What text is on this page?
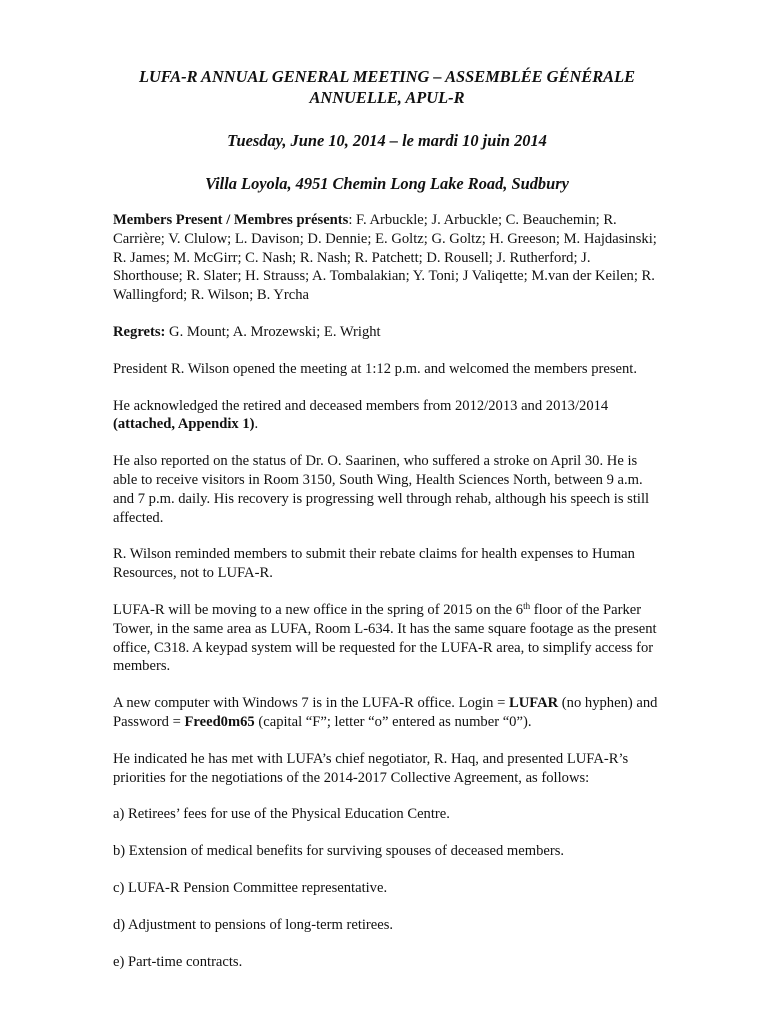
LUFA-R ANNUAL GENERAL MEETING – ASSEMBLÉE GÉNÉRALE

ANNUELLE, APUL-R

Tuesday, June 10, 2014 – le mardi 10 juin 2014

Villa Loyola, 4951 Chemin Long Lake Road, Sudbury

Members Present / Membres présents: F. Arbuckle; J. Arbuckle; C. Beauchemin; R. Carrière; V. Clulow; L. Davison; D. Dennie; E. Goltz; G. Goltz; H. Greeson; M. Hajdasinski; R. James; M. McGirr; C. Nash; R. Nash; R. Patchett; D. Rousell; J. Rutherford; J. Shorthouse; R. Slater; H. Strauss; A. Tombalakian; Y. Toni; J Valiqette; M.van der Keilen; R. Wallingford; R. Wilson; B. Yrcha

Regrets: G. Mount; A. Mrozewski; E. Wright

President R. Wilson opened the meeting at 1:12 p.m. and welcomed the members present.

He acknowledged the retired and deceased members from 2012/2013 and 2013/2014 (attached, Appendix 1).

He also reported on the status of Dr. O. Saarinen, who suffered a stroke on April 30. He is able to receive visitors in Room 3150, South Wing, Health Sciences North, between 9 a.m. and 7 p.m. daily. His recovery is progressing well through rehab, although his speech is still affected.

R. Wilson reminded members to submit their rebate claims for health expenses to Human Resources, not to LUFA-R.

LUFA-R will be moving to a new office in the spring of 2015 on the 6th floor of the Parker Tower, in the same area as LUFA, Room L-634. It has the same square footage as the present office, C318. A keypad system will be requested for the LUFA-R area, to simplify access for members.

A new computer with Windows 7 is in the LUFA-R office. Login = LUFAR (no hyphen) and Password = Freed0m65 (capital “F”; letter “o” entered as number “0”).

He indicated he has met with LUFA’s chief negotiator, R. Haq, and presented LUFA-R’s priorities for the negotiations of the 2014-2017 Collective Agreement, as follows:

a) Retirees’ fees for use of the Physical Education Centre.

b) Extension of medical benefits for surviving spouses of deceased members.

c) LUFA-R Pension Committee representative.

d) Adjustment to pensions of long-term retirees.

e) Part-time contracts.
